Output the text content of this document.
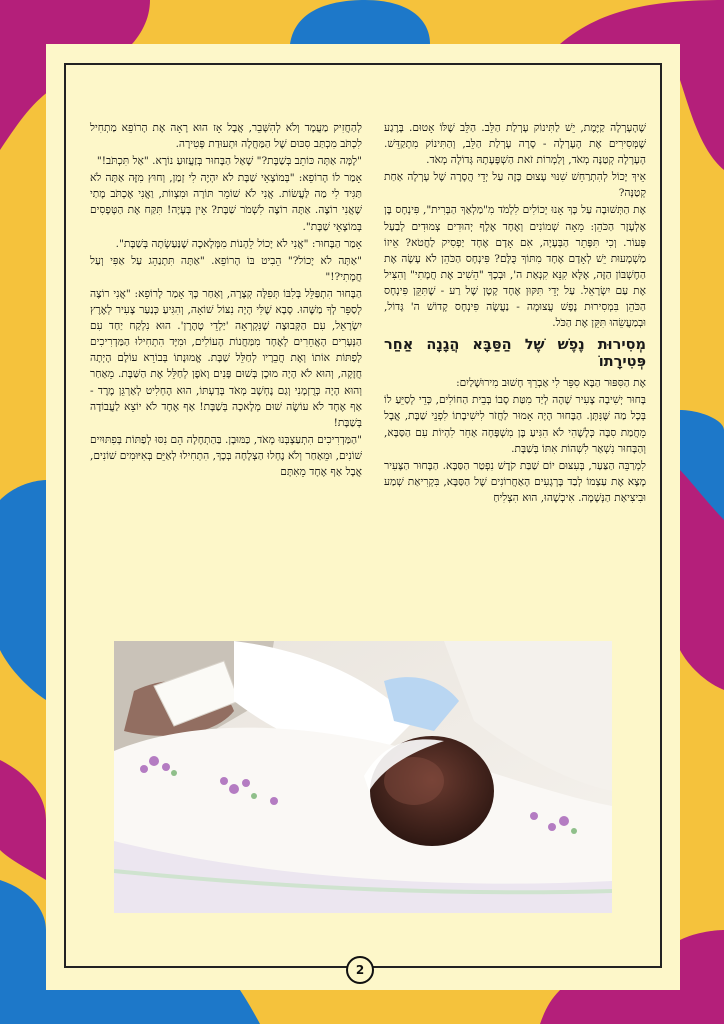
שֶׁהָעָרְלָה קַיֶּמֶת, יֵשׁ לַתִּינוֹק עָרְלַת הַלֵּב. הַלֵּב שֶׁלּוֹ אָטוּם. בָּרֶגַע שֶׁמְּסִירִים אֶת הָעָרְלָה - סָרָה עָרְלַת הַלֵּב, וְהַתִּינוֹק מִתְקַדֵּשׁ. הָעָרְלָה קְטַנָּה מְאֹד, וְלַמְרוֹת זֹאת הַשְׁפָּעָתָהּ גְּדוֹלָה מְאֹד.

אֵיךְ יָכוֹל לְהִתְרַחֵשׁ שִׁנּוּי עָצוּם כָּזֶה עַל יְדֵי הֲסָרָה שֶׁל עָרְלָה אַחַת קְטַנָּה?

אֶת הַתְּשׁוּבָה עַל כָּךְ אָנוּ יְכוֹלִים לִלְמֹד מִ"מַלְאַךְ הַבְּרִית", פִּינְחָס בֶּן אֶלְעָזָר הַכֹּהֵן: מֵאָה שְׁמוֹנִים וְאֶחָד אֶלֶף יְהוּדִים צְמוּדִים לְבַעַל פְּעוֹר. וְכִי תִּפָּתֵר הַבְּעָיָה, אִם אָדָם אֶחָד יַפְסִיק לַחֲטֹא? אֵיזוֹ מַשְׁמָעוּת יֵשׁ לְאָדָם אֶחָד מִתּוֹךְ כֻּלָּם? פִּינְחָס הַכֹּהֵן לֹא עָשָׂה אֶת הַחֶשְׁבּוֹן הַזֶּה, אֶלָּא קִנֵּא קִנְאַת ה', וּבְכָךְ "הֵשִׁיב אֶת חֲמָתִי" וְהִצִּיל אֶת עַם יִשְׂרָאֵל. עַל יְדֵי תִּקּוּן אֶחָד קָטָן שֶׁל רַע - שֶׁתִּקֵּן פִּינְחָס הַכֹּהֵן בִּמְסִירוּת נֶפֶשׁ עֲצוּמָה - נַעֲשָׂה פִּינְחָס קָדוֹשׁ ה' גָּדוֹל, וּבְמַעֲשֵׂהוּ תִּקֵּן אֶת הַכֹּל.

מְסִירוּת נֶפֶשׁ שֶׁל הַסַּבָּא הֲגָנָה אַחַר פְּטִירָתוֹ

אֶת הַסִּפּוּר הַבָּא סִפֵּר לִי אַבְרֵךְ חָשׁוּב מִירוּשָׁלַיִם:

בָּחוּר יְשִׁיבָה צָעִיר שָׁהָה לְיַד מִטַּת סָבוֹ בְּבֵית הַחוֹלִים, כְּדֵי לְסַיֵּעַ לוֹ בְּכָל מַה שֶּׁנִּתָּן. הַבָּחוּר הָיָה אָמוּר לַחֲזֹר לִישִׁיבָתוֹ לִפְנֵי שַׁבָּת, אֲבָל מֵחֲמַת סִבָּה כְּלָשֶׁהִי לֹא הִגִּיעַ בֶּן מִשְׁפָּחָה אַחֵר לִהְיוֹת עִם הַסַּבָּא, וְהַבָּחוּר נִשְׁאַר לִשְׁהוֹת אִתּוֹ בְּשַׁבָּת.

לִמְרַבֵּה הַצַּעַר, בְּעִצּוּם יוֹם שַׁבַּת קֹדֶשׁ נִפְטַר הַסַּבָּא. הַבָּחוּר הַצָּעִיר מָצָא אֶת עַצְמוֹ לְבַד בָּרְגָעִים הָאַחֲרוֹנִים שֶׁל הַסַּבָּא, בִּקְרִיאַת שְׁמַע וּבִיצִיאַת הַנְּשָׁמָה. אִיכְשֶׁהוּ, הוּא הִצְלִיחַ

לְהַחֲזִיק מַעֲמָד וְלֹא לְהִשָּׁבֵר, אֲבָל אָז הוּא רָאָה אֶת הָרוֹפֵא מַתְחִיל לִכְתֹּב מִכְתַּב סִכּוּם שֶׁל הַמַּחֲלָה וּתְעוּדַת פְּטִירָה.

"לָמָּה אַתָּה כּוֹתֵב בְּשַׁבָּת?" שָׁאַל הַבָּחוּר בְּזַעֲזוּעַ נוֹרָא. "אַל תִּכְתֹּב!"

אָמַר לוֹ הָרוֹפֵא: "בְּמוֹצָאֵי שַׁבָּת לֹא יִהְיֶה לִי זְמַן, וְחוּץ מִזֶּה אַתָּה לֹא תַּגִּיד לִי מַה לַּעֲשׂוֹת. אֲנִי לֹא שׁוֹמֵר תּוֹרָה וּמִצְווֹת, וַאֲנִי אֶכְתֹּב מָתַי שֶׁאֲנִי רוֹצֶה. אַתָּה רוֹצֶה לִשְׁמֹר שַׁבָּת? אֵין בְּעָיָה! תִּקַּח אֶת הַטְּפָסִים בְּמוֹצָאֵי שַׁבָּת".

אָמַר הַבָּחוּר: "אֲנִי לֹא יָכוֹל לֵהָנוֹת מִמְּלָאכָה שֶׁנַּעַשְׂתָה בְּשַׁבָּת".

"אַתָּה לֹא יָכוֹל?" הֵבִיט בּוֹ הָרוֹפֵא. "אַתָּה תִּתְנַהֵג עַל אַפִּי וְעַל חֲמָתִי?!"

הַבָּחוּר הִתְפַּלֵּל בְּלִבּוֹ תְּפִלָּה קְצָרָה, וְאַחַר כָּךְ אָמַר לָרוֹפֵא: "אֲנִי רוֹצֶה לְסַפֵּר לְךָ מַשֶּׁהוּ. סָבָא שֶׁלִּי הָיָה נִצּוֹל שׁוֹאָה, וְהִגִּיעַ כְּנַעַר צָעִיר לְאֶרֶץ יִשְׂרָאֵל, עִם הַקְּבוּצָה שֶׁנִּקְרְאָה 'יַלְדֵי טֶהֶרָן'. הוּא נִלְקַח יַחַד עִם הַנְּעָרִים הָאֲחֵרִים לְאֶחָד מִמַּחֲנוֹת הָעוֹלִים, וּמִיָּד הִתְחִילוּ הַמַּדְרִיכִים לְפַתּוֹת אוֹתוֹ וְאֶת חֲבֵרָיו לְחַלֵּל שַׁבָּת. אֱמוּנָתוֹ בְּבוֹרֵא עוֹלָם הָיְתָה חֲזָקָה, וְהוּא לֹא הָיָה מוּכָן בְּשׁוּם פָּנִים וָאֹפֶן לְחַלֵּל אֶת הַשַּׁבָּת. מֵאַחַר וְהוּא הָיָה כְּרֻזְמָנִי וְגַם נֶחְשָׁב מְאֹד בְּדַעְתּוֹ, הוּא הֶחְלִיט לְאַרְגֵּן מֶרֶד - אַף אֶחָד לֹא עוֹשֶׂה שׁוּם מְלָאכָה בְּשַׁבָּת! אַף אֶחָד לֹא יוֹצֵא לַעֲבוֹדָה בְּשַׁבָּת!

"הַמַּדְרִיכִים הִתְעַצְבְּנוּ מְאֹד, כַּמּוּבָן. בַּהַתְחָלָה הֵם נִסּוּ לְפַתּוֹת בְּפִתּוּיִים שׁוֹנִים, וּמֵאַחַר וְלֹא נֶחְלוּ הַצְלָחָה בְּכָךְ, הִתְחִילוּ לְאַיֵּם בְּאִיּוּמִים שׁוֹנִים, אֲבָל אַף אֶחָד מֵאִתָּם

2
